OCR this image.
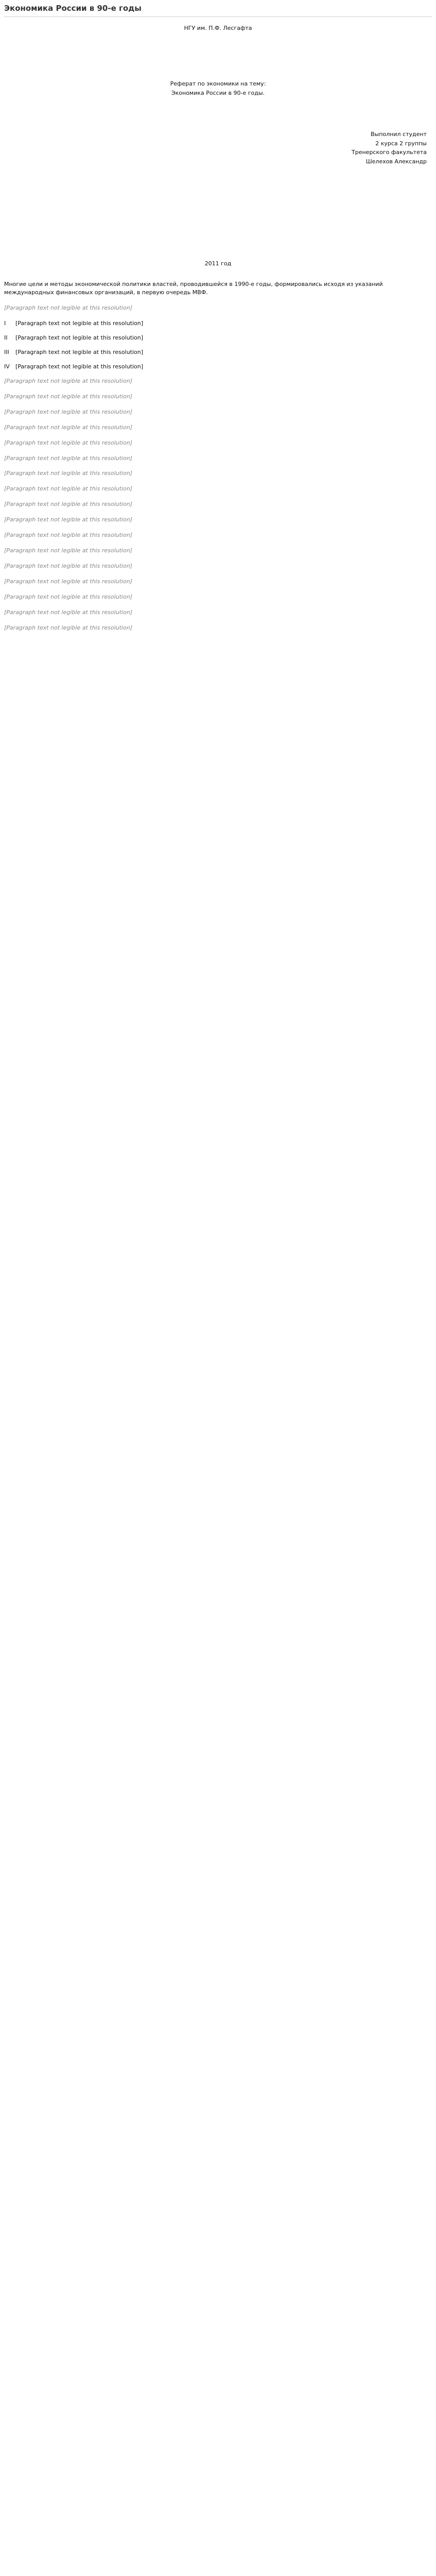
Экономика России в 90-е годы
НГУ им. П.Ф. Лесгафта
Реферат по экономики на тему:
Экономика России в 90-е годы.
Выполнил студент
2 курса 2 группы
Тренерского факультета
Шелехов Александр
2011 год
Многие цели и методы экономической политики властей, проводившейся в 1990-е годы, формировались исходя из указаний международных финансовых организаций, в первую очередь МВФ.
[Paragraph text not legible at this resolution]
I [Paragraph text not legible at this resolution]
II [Paragraph text not legible at this resolution]
III [Paragraph text not legible at this resolution]
IV [Paragraph text not legible at this resolution]
[Paragraph text not legible at this resolution]
[Paragraph text not legible at this resolution]
[Paragraph text not legible at this resolution]
[Paragraph text not legible at this resolution]
[Paragraph text not legible at this resolution]
[Paragraph text not legible at this resolution]
[Paragraph text not legible at this resolution]
[Paragraph text not legible at this resolution]
[Paragraph text not legible at this resolution]
[Paragraph text not legible at this resolution]
[Paragraph text not legible at this resolution]
[Paragraph text not legible at this resolution]
[Paragraph text not legible at this resolution]
[Paragraph text not legible at this resolution]
[Paragraph text not legible at this resolution]
[Paragraph text not legible at this resolution]
[Paragraph text not legible at this resolution]
